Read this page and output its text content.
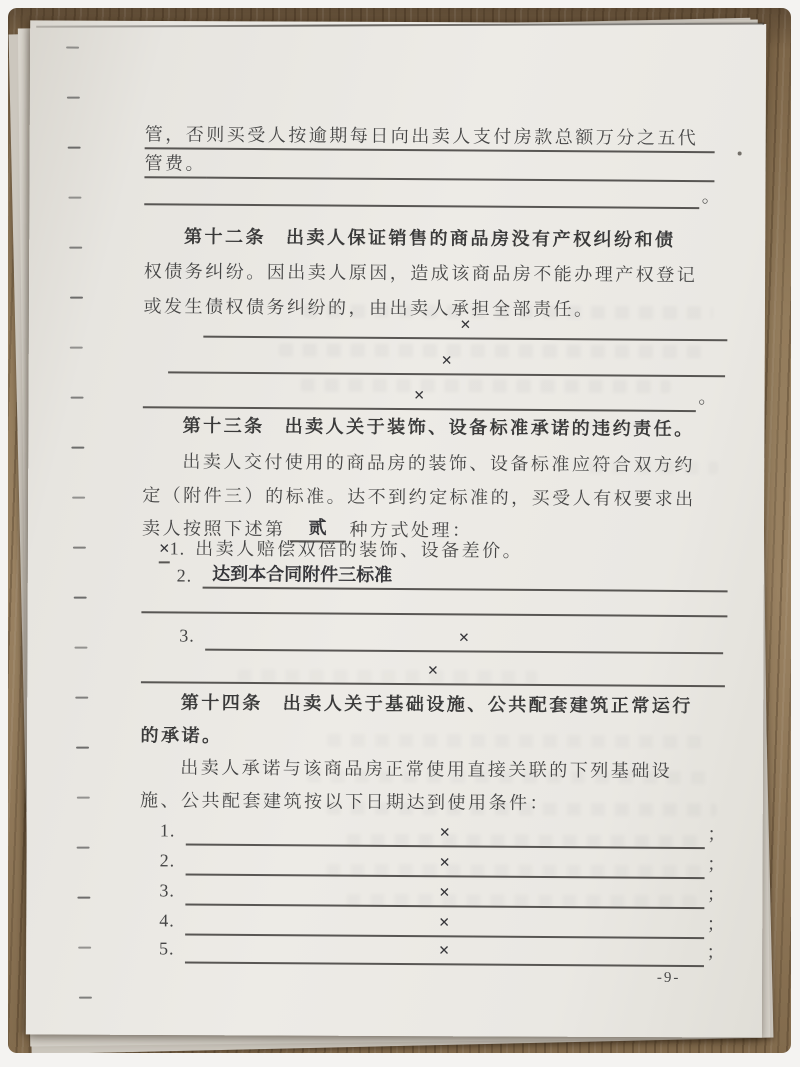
管，否则买受人按逾期每日向出卖人支付房款总额万分之五代
管费。
。
第十二条 出卖人保证销售的商品房没有产权纠纷和债
权债务纠纷。因出卖人原因，造成该商品房不能办理产权登记
或发生债权债务纠纷的，由出卖人承担全部责任。
×
×
×	。
第十三条 出卖人关于装饰、设备标准承诺的违约责任。
出卖人交付使用的商品房的装饰、设备标准应符合双方约
定（附件三）的标准。达不到约定标准的，买受人有权要求出
卖人按照下述第	贰	种方式处理：
× 1. 出卖人赔偿双倍的装饰、设备差价。
2.	达到本合同附件三标准
3.	×
×
第十四条 出卖人关于基础设施、公共配套建筑正常运行
的承诺。
出卖人承诺与该商品房正常使用直接关联的下列基础设
施、公共配套建筑按以下日期达到使用条件：
1.	×	；
2.	×	；
3.	×	；
4.	×	；
5.	×	；
-9-
